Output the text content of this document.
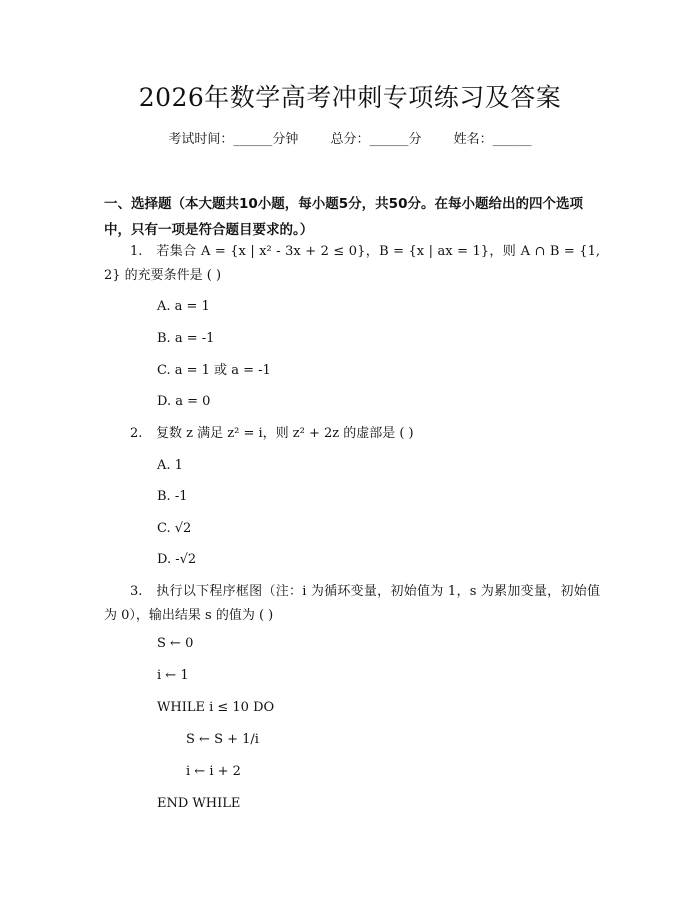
2026年数学高考冲刺专项练习及答案
考试时间：______分钟 总分：______分 姓名：______
一、选择题（本大题共10小题，每小题5分，共50分。在每小题给出的四个选项中，只有一项是符合题目要求的。）
1. 若集合 A = {x | x² - 3x + 2 ≤ 0}，B = {x | ax = 1}，则 A ∩ B = {1, 2} 的充要条件是 ( )
A. a = 1
B. a = -1
C. a = 1 或 a = -1
D. a = 0
2. 复数 z 满足 z² = i，则 z² + 2z 的虚部是 ( )
A. 1
B. -1
C. √2
D. -√2
3. 执行以下程序框图（注：i 为循环变量，初始值为 1，s 为累加变量，初始值为 0），输出结果 s 的值为 ( )
S ← 0
i ← 1
WHILE i ≤ 10 DO
S ← S + 1/i
i ← i + 2
END WHILE
